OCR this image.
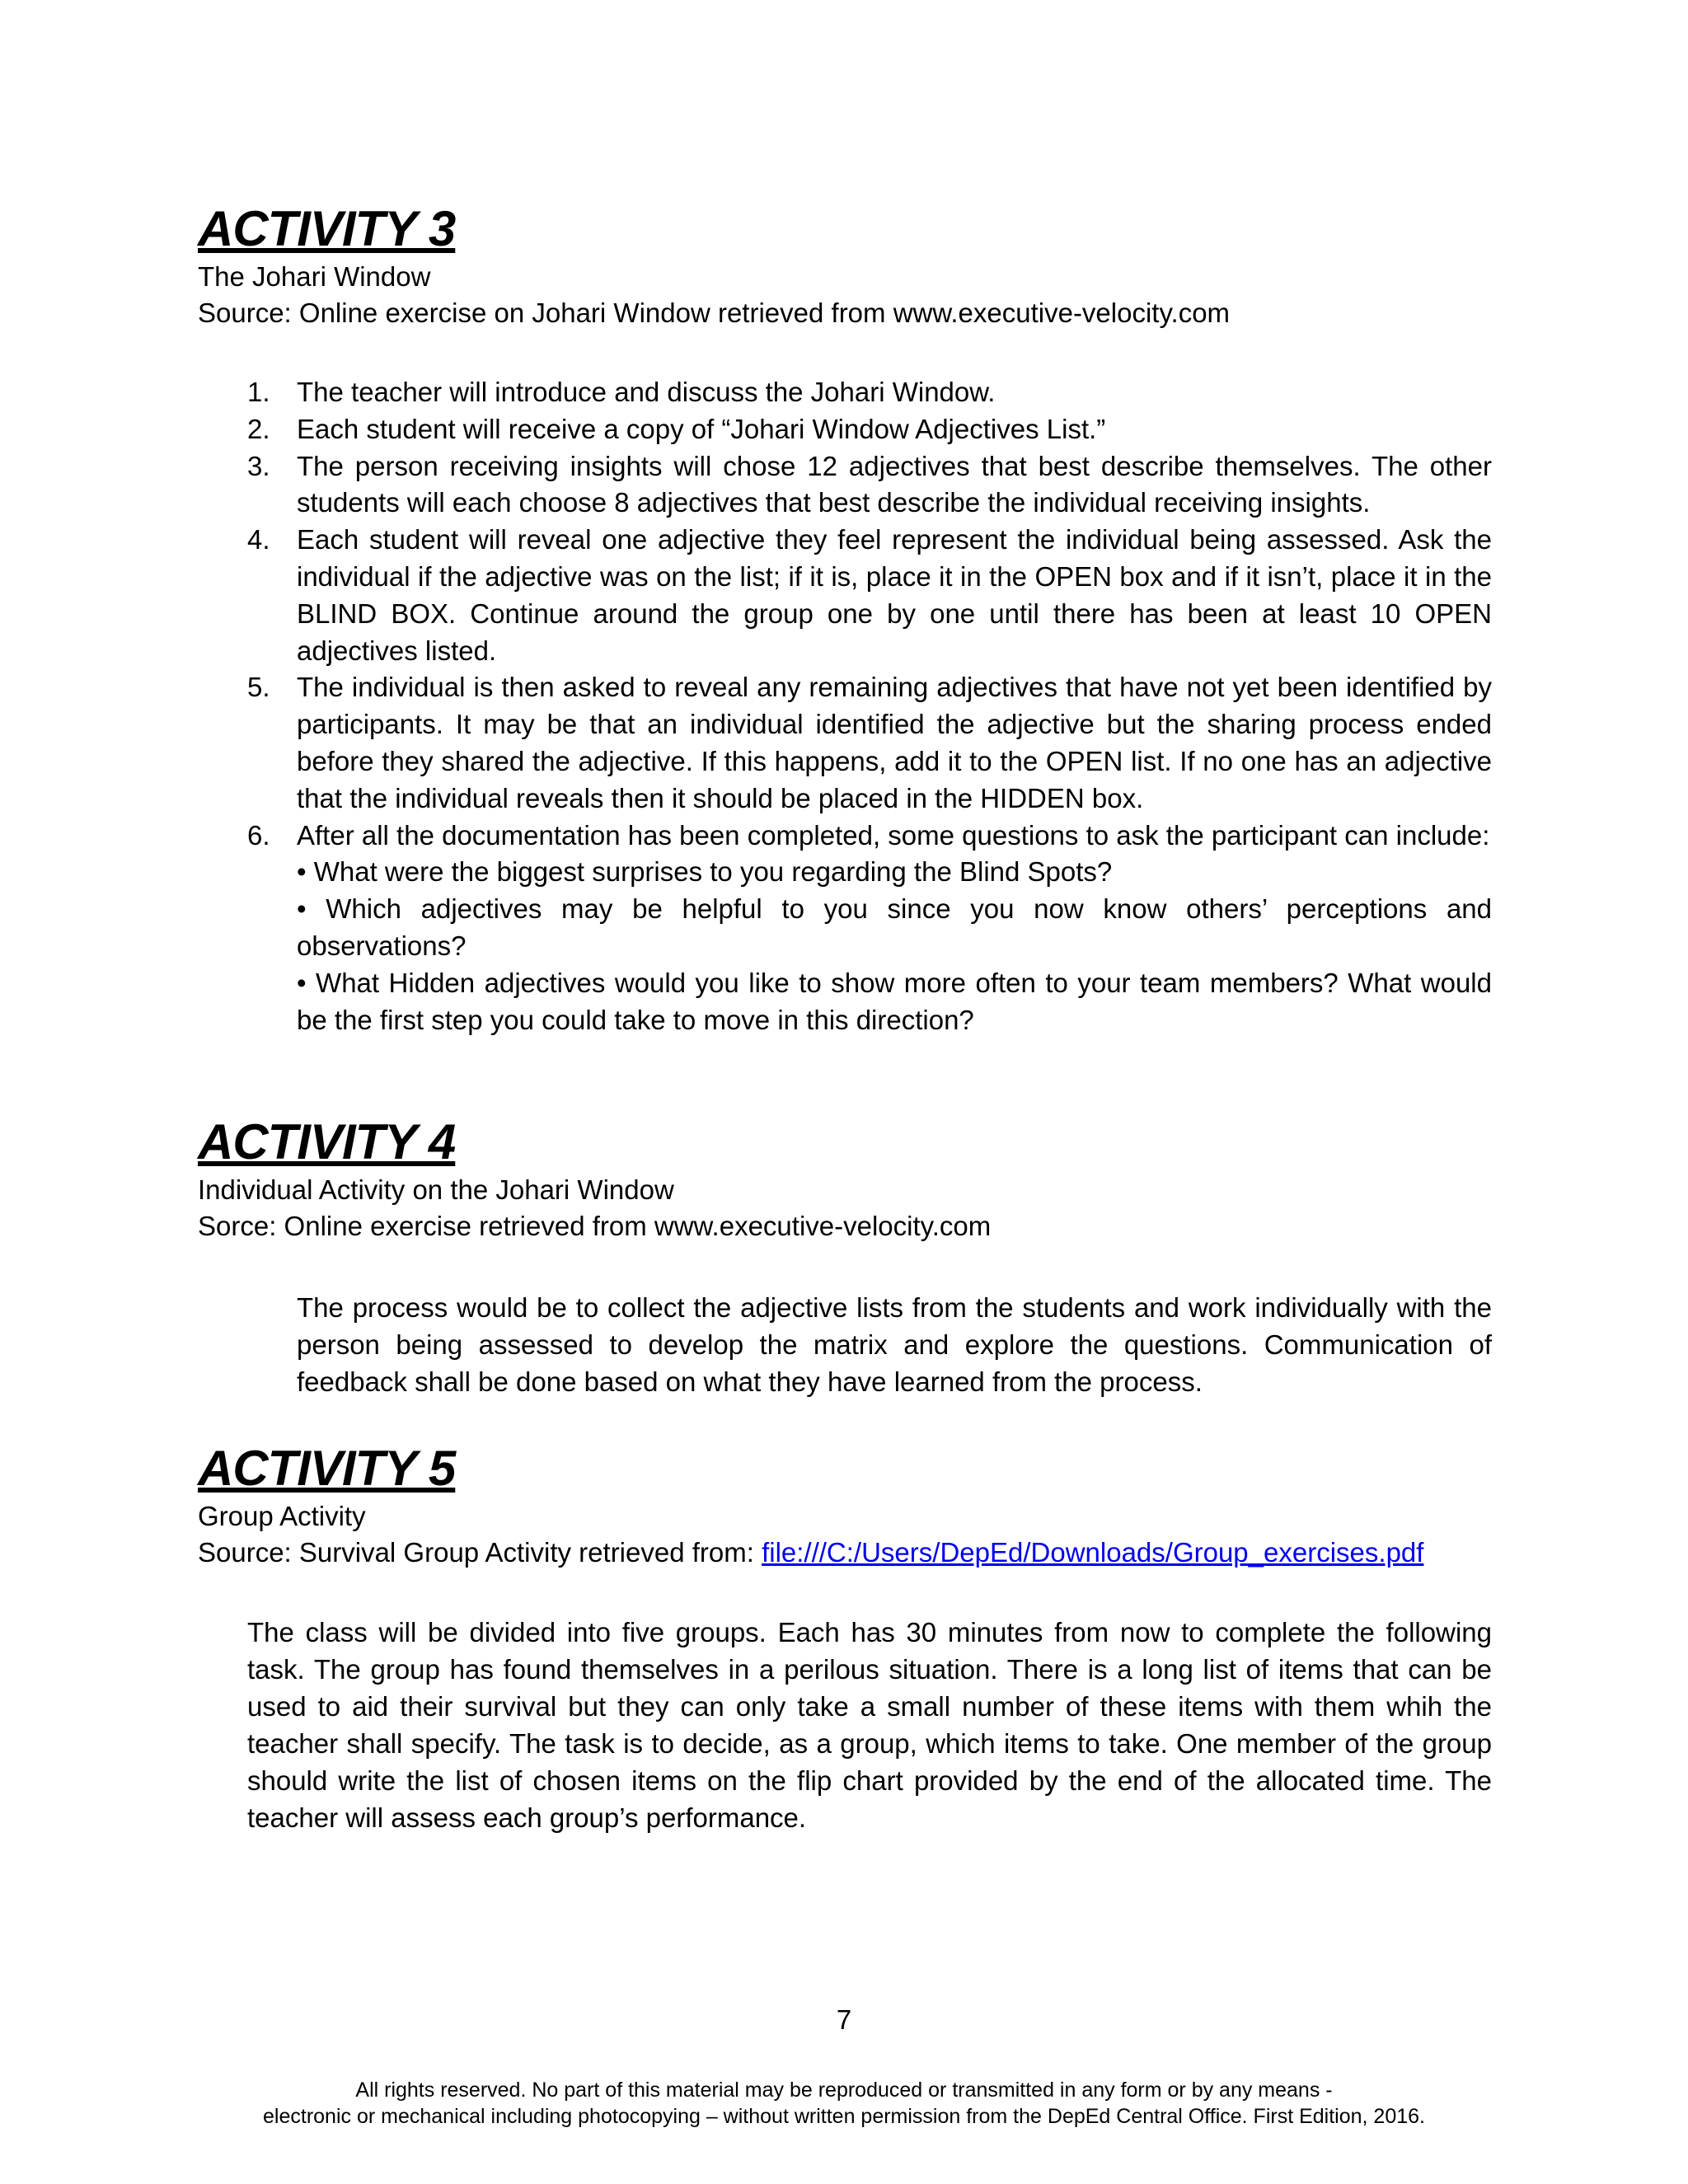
ACTIVITY 3

The Johari Window

Source: Online exercise on Johari Window retrieved from www.executive-velocity.com

1. The teacher will introduce and discuss the Johari Window.
2. Each student will receive a copy of “Johari Window Adjectives List.”
3. The person receiving insights will chose 12 adjectives that best describe themselves. The other students will each choose 8 adjectives that best describe the individual receiving insights.
4. Each student will reveal one adjective they feel represent the individual being assessed. Ask the individual if the adjective was on the list; if it is, place it in the OPEN box and if it isn’t, place it in the BLIND BOX. Continue around the group one by one until there has been at least 10 OPEN adjectives listed.
5. The individual is then asked to reveal any remaining adjectives that have not yet been identified by participants. It may be that an individual identified the adjective but the sharing process ended before they shared the adjective. If this happens, add it to the OPEN list. If no one has an adjective that the individual reveals then it should be placed in the HIDDEN box.
6. After all the documentation has been completed, some questions to ask the participant can include:
• What were the biggest surprises to you regarding the Blind Spots?
• Which adjectives may be helpful to you since you now know others’ perceptions and observations?
• What Hidden adjectives would you like to show more often to your team members? What would be the first step you could take to move in this direction?
ACTIVITY 4

Individual Activity on the Johari Window

Sorce: Online exercise retrieved from www.executive-velocity.com

The process would be to collect the adjective lists from the students and work individually with the person being assessed to develop the matrix and explore the questions. Communication of feedback shall be done based on what they have learned from the process.

ACTIVITY 5

Group Activity

Source: Survival Group Activity retrieved from: file:///C:/Users/DepEd/Downloads/Group_exercises.pdf

The class will be divided into five groups. Each has 30 minutes from now to complete the following task. The group has found themselves in a perilous situation. There is a long list of items that can be used to aid their survival but they can only take a small number of these items with them whih the teacher shall specify. The task is to decide, as a group, which items to take. One member of the group should write the list of chosen items on the flip chart provided by the end of the allocated time. The teacher will assess each group’s performance.

7
All rights reserved. No part of this material may be reproduced or transmitted in any form or by any means -
electronic or mechanical including photocopying – without written permission from the DepEd Central Office. First Edition, 2016.
